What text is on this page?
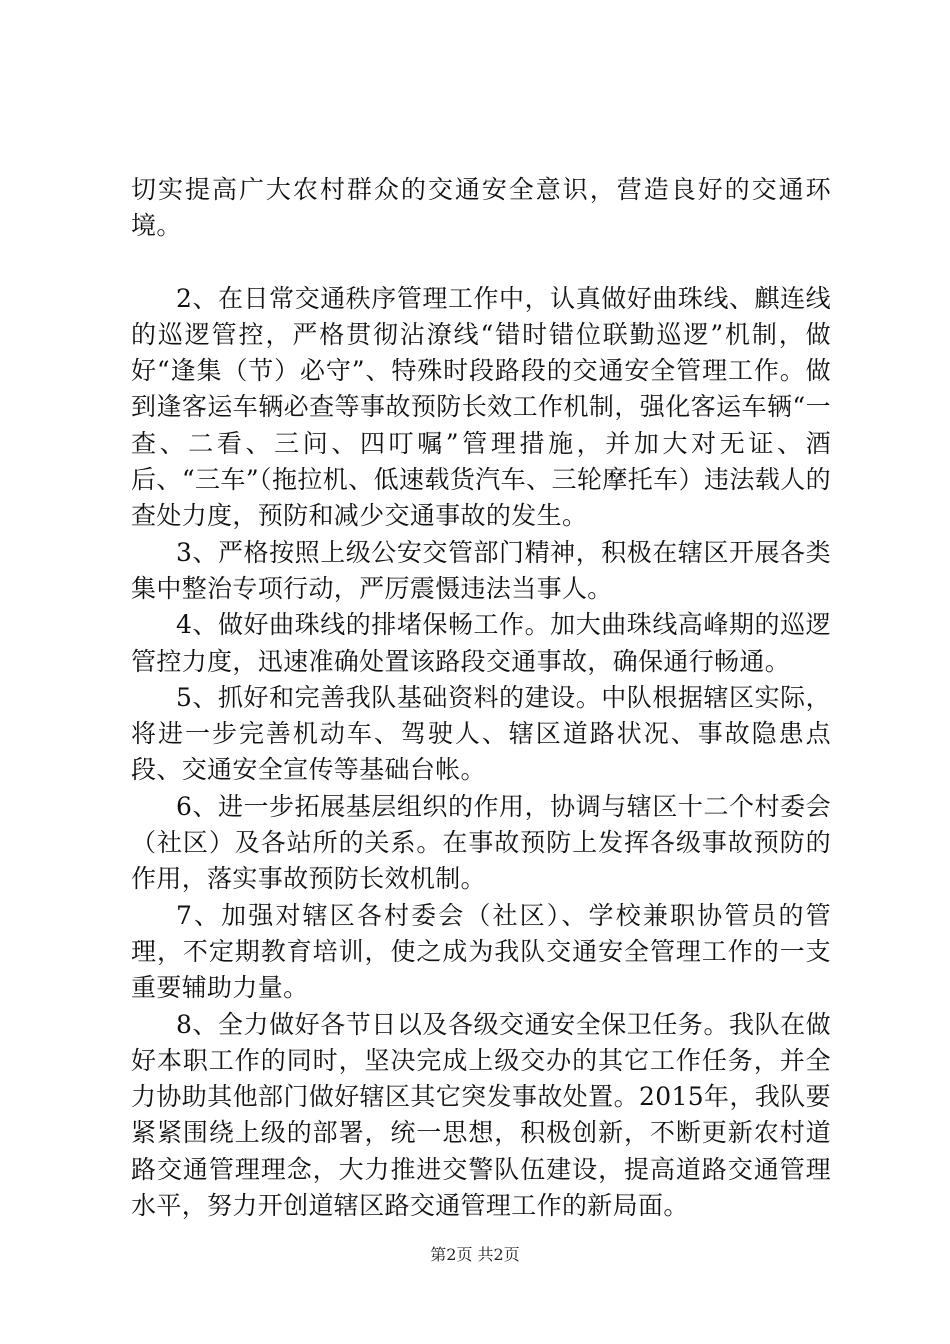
切实提高广大农村群众的交通安全意识，营造良好的交通环境。

2、在日常交通秩序管理工作中，认真做好曲珠线、麒连线的巡逻管控，严格贯彻沾潦线“错时错位联勤巡逻”机制，做好“逢集（节）必守”、特殊时段路段的交通安全管理工作。做到逢客运车辆必查等事故预防长效工作机制，强化客运车辆“一查、二看、三问、四叮嘱”管理措施，并加大对无证、酒后、“三车”（拖拉机、低速载货汽车、三轮摩托车）违法载人的查处力度，预防和减少交通事故的发生。

3、严格按照上级公安交管部门精神，积极在辖区开展各类集中整治专项行动，严厉震慑违法当事人。

4、做好曲珠线的排堵保畅工作。加大曲珠线高峰期的巡逻管控力度，迅速准确处置该路段交通事故，确保通行畅通。

5、抓好和完善我队基础资料的建设。中队根据辖区实际，将进一步完善机动车、驾驶人、辖区道路状况、事故隐患点段、交通安全宣传等基础台帐。

6、进一步拓展基层组织的作用，协调与辖区十二个村委会（社区）及各站所的关系。在事故预防上发挥各级事故预防的作用，落实事故预防长效机制。

7、加强对辖区各村委会（社区）、学校兼职协管员的管理，不定期教育培训，使之成为我队交通安全管理工作的一支重要辅助力量。

8、全力做好各节日以及各级交通安全保卫任务。我队在做好本职工作的同时，坚决完成上级交办的其它工作任务，并全力协助其他部门做好辖区其它突发事故处置。2015年，我队要紧紧围绕上级的部署，统一思想，积极创新，不断更新农村道路交通管理理念，大力推进交警队伍建设，提高道路交通管理水平，努力开创道辖区路交通管理工作的新局面。

第2页 共2页
